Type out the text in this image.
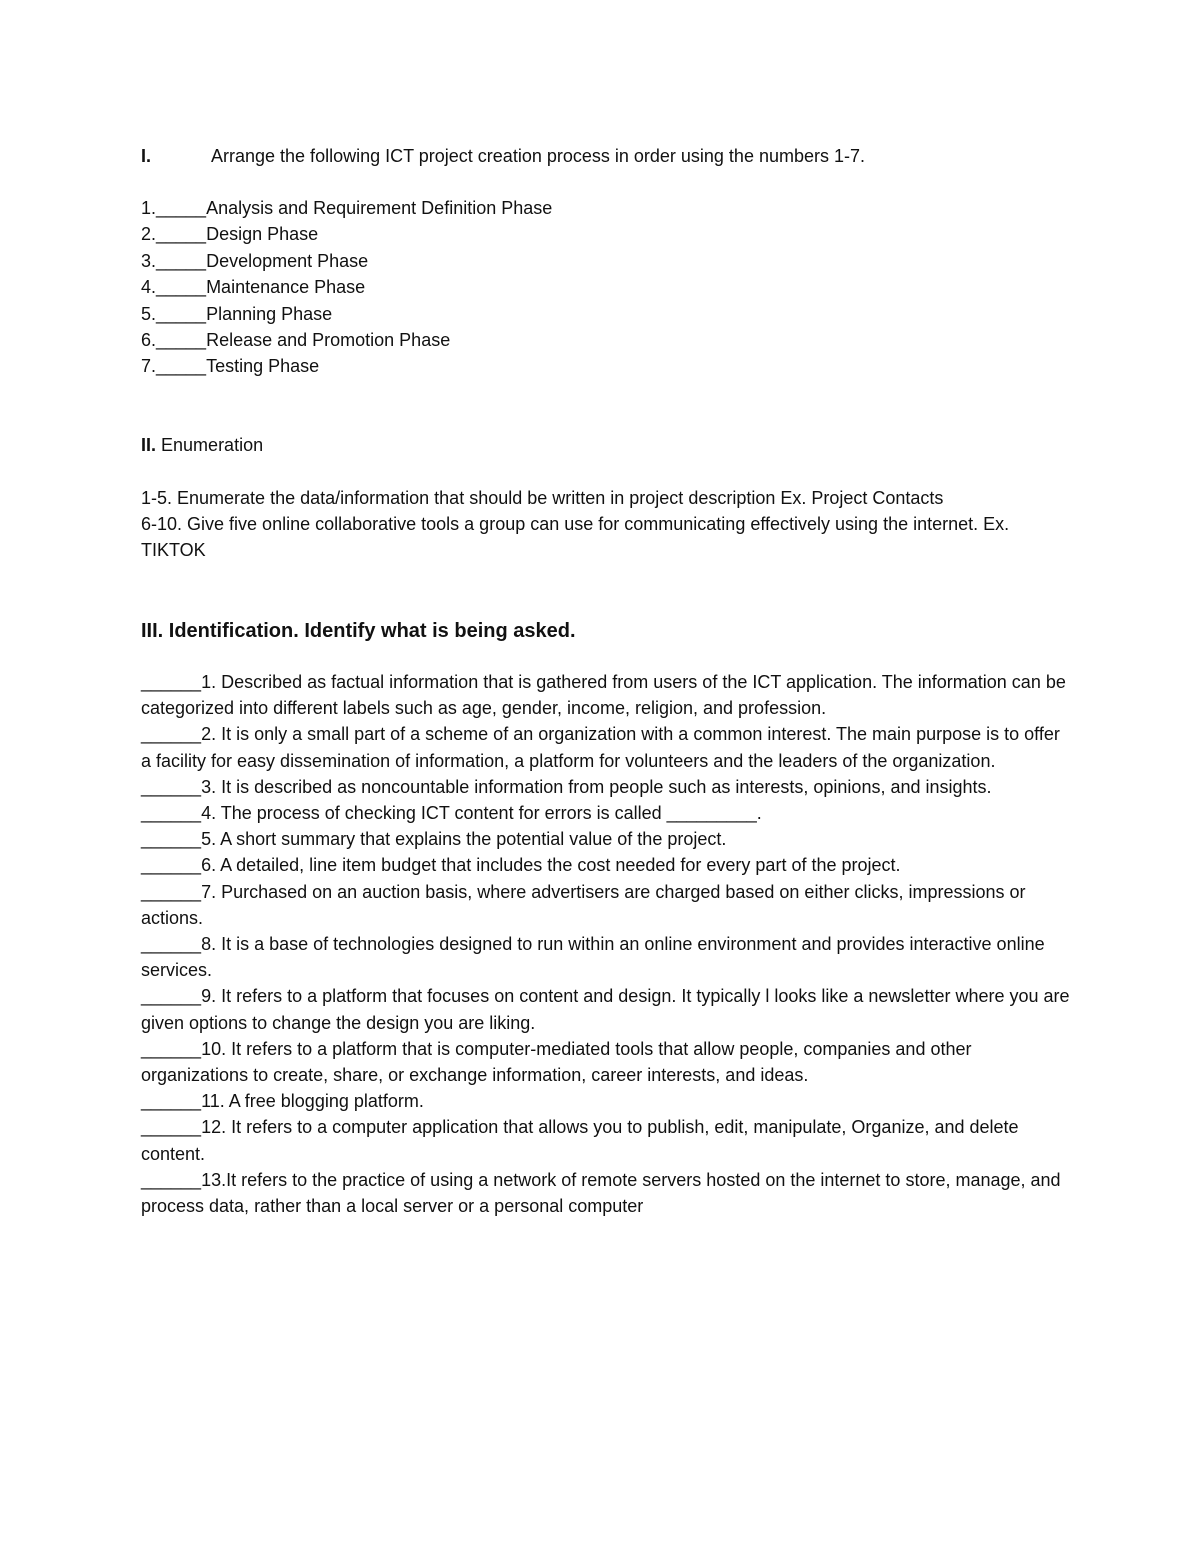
I.	Arrange the following ICT project creation process in order using the numbers 1-7.
1._____Analysis and Requirement Definition Phase
2._____Design Phase
3._____Development Phase
4._____Maintenance Phase
5._____Planning Phase
6._____Release and Promotion Phase
7._____Testing Phase
II. Enumeration

1-5. Enumerate the data/information that should be written in project description Ex. Project Contacts

6-10. Give five online collaborative tools a group can use for communicating effectively using the internet. Ex. TIKTOK

III. Identification. Identify what is being asked.

______1. Described as factual information that is gathered from users of the ICT application. The information can be categorized into different labels such as age, gender, income, religion, and profession.

______2. It is only a small part of a scheme of an organization with a common interest. The main purpose is to offer a facility for easy dissemination of information, a platform for volunteers and the leaders of the organization.

______3. It is described as noncountable information from people such as interests, opinions, and insights.

______4. The process of checking ICT content for errors is called _________.

______5. A short summary that explains the potential value of the project.

______6. A detailed, line item budget that includes the cost needed for every part of the project.

______7. Purchased on an auction basis, where advertisers are charged based on either clicks, impressions or actions.

______8. It is a base of technologies designed to run within an online environment and provides interactive online services.

______9. It refers to a platform that focuses on content and design. It typically l looks like a newsletter where you are given options to change the design you are liking.

______10. It refers to a platform that is computer-mediated tools that allow people, companies and other organizations to create, share, or exchange information, career interests, and ideas.

______11. A free blogging platform.

______12. It refers to a computer application that allows you to publish, edit, manipulate, Organize, and delete content.

______13.It refers to the practice of using a network of remote servers hosted on the internet to store, manage, and process data, rather than a local server or a personal computer
